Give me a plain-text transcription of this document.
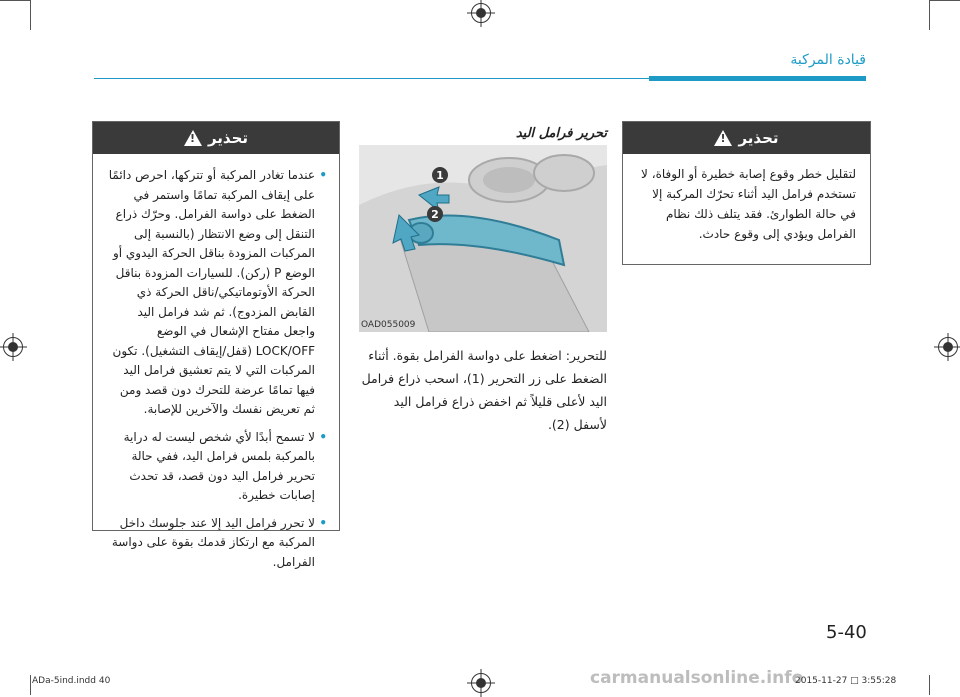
قيادة المركبة
تحذير
!
لتقليل خطر وقوع إصابة خطيرة أو الوفاة، لا تستخدم فرامل اليد أثناء تحرّك المركبة إلا في حالة الطوارئ. فقد يتلف ذلك نظام الفرامل ويؤدي إلى وقوع حادث.
تحرير فرامل اليد
1
2
OAD055009
للتحرير: اضغط على دواسة الفرامل بقوة. أثناء الضغط على زر التحرير (1)، اسحب ذراع فرامل اليد لأعلى قليلاً ثم اخفض ذراع فرامل اليد لأسفل (2).
تحذير
!
• عندما تغادر المركبة أو تتركها، احرص دائمًا على إيقاف المركبة تمامًا واستمر في الضغط على دواسة الفرامل. وحرّك ذراع التنقل إلى وضع الانتظار (بالنسبة إلى المركبات المزودة بناقل الحركة اليدوي أو الوضع P (ركن). للسيارات المزودة بناقل الحركة الأوتوماتيكي/ناقل الحركة ذي القابض المزدوج). ثم شد فرامل اليد واجعل مفتاح الإشعال في الوضع LOCK/OFF (قفل/إيقاف التشغيل). تكون المركبات التي لا يتم تعشيق فرامل اليد فيها تمامًا عرضة للتحرك دون قصد ومن ثم تعريض نفسك والآخرين للإصابة.
• لا تسمح أبدًا لأي شخص ليست له دراية بالمركبة بلمس فرامل اليد، ففي حالة تحرير فرامل اليد دون قصد، قد تحدث إصابات خطيرة.
• لا تحرر فرامل اليد إلا عند جلوسك داخل المركبة مع ارتكاز قدمك بقوة على دواسة الفرامل.
5-40
ADa-5ind.indd 40	carmanualsonline.info
2015-11-27 □ 3:55:28
